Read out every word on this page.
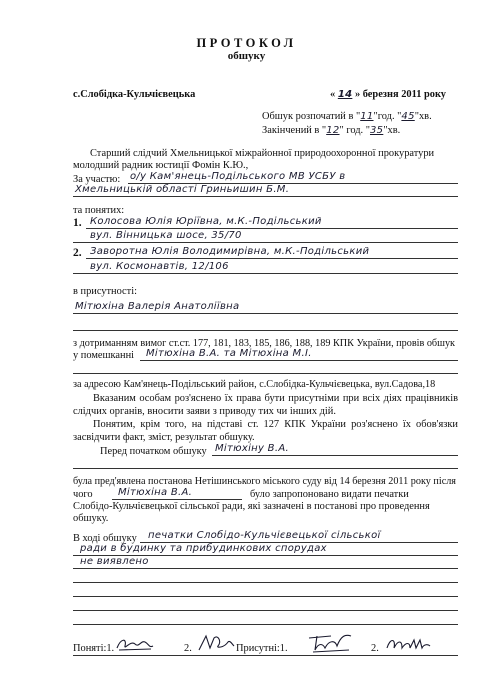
ПРОТОКОЛ
обшуку
с.Слобідка-Кульчієвецька	« 14 » березня 2011 року
Обшук розпочатий в "11"год. "45"хв.
Закінчений в "12" год. "35"хв.
Старший слідчий Хмельницької міжрайонної природоохоронної прокуратури
молодший радник юстиції Фомін К.Ю.,
За участю: о/у Кам'янець-Подільського МВ УСБУ в
Хмельницькій області Гриньишин Б.М.
та понятих:
1. Колосова Юлія Юріївна, м.К.-Подільський
вул. Вінницька шосе, 35/70
2. Заворотна Юлія Володимирівна, м.К.-Подільський
вул. Космонавтів, 12/106
в присутності:
Мітюхіна Валерія Анатоліївна
з дотриманням вимог ст.ст. 177, 181, 183, 185, 186, 188, 189 КПК України, провів обшук
у помешканні Мітюхіна В.А. та Мітюхіна М.І.
за адресою Кам'янець-Подільський район, с.Слобідка-Кульчієвецька, вул.Садова,18
Вказаним особам роз'яснено їх права бути присутніми при всіх діях працівників слідчих органів, вносити заяви з приводу тих чи інших дій.
Понятим, крім того, на підставі ст. 127 КПК України роз'яснено їх обов'язки засвідчити факт, зміст, результат обшуку.
Перед початком обшуку Мітюхіну В.А.
була пред'явлена постанова Нетішинського міського суду від 14 березня 2011 року після
чого	Мітюхіна В.А.	було запропоновано видати печатки
Слобідо-Кульчієвецької сільської ради, які зазначені в постанові про проведення
обшуку.
В ході обшуку печатки Слобідо-Кульчієвецької сільської
ради в будинку та прибудинкових спорудах
не виявлено
Поняті:1.	2.	Присутні:1.	2.
